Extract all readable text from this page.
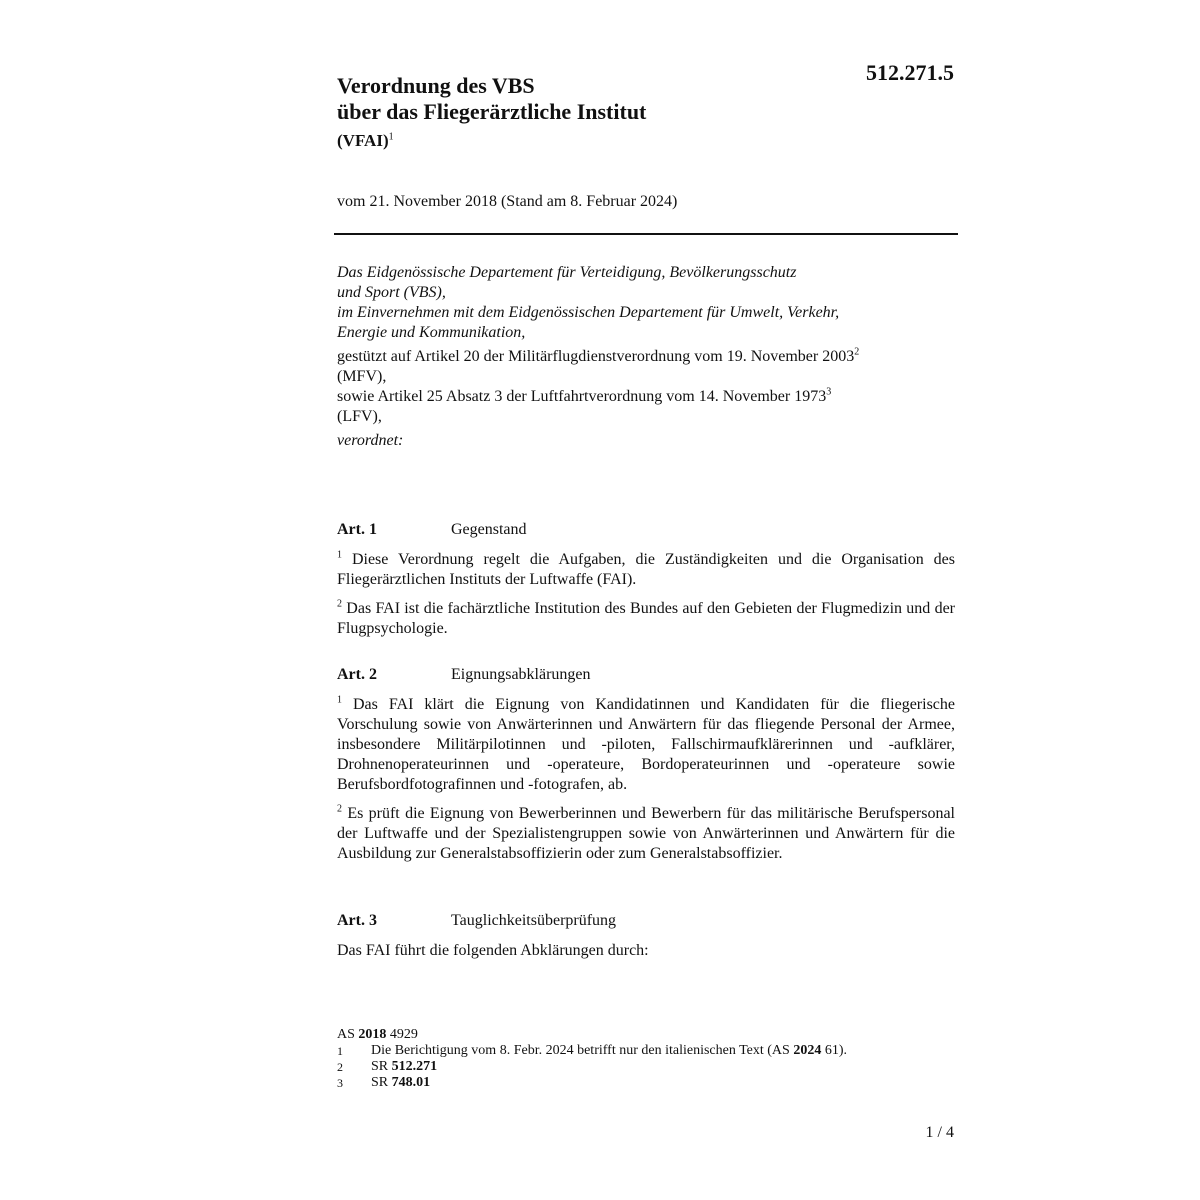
512.271.5
Verordnung des VBS
über das Fliegerärztliche Institut
(VFAI)$^1$
vom 21. November 2018 (Stand am 8. Februar 2024)
Das Eidgenössische Departement für Verteidigung, Bevölkerungsschutz
und Sport (VBS),
im Einvernehmen mit dem Eidgenössischen Departement für Umwelt, Verkehr,
Energie und Kommunikation,
gestützt auf Artikel 20 der Militärflugdienstverordnung vom 19. November 2003$^2$
(MFV),
sowie Artikel 25 Absatz 3 der Luftfahrtverordnung vom 14. November 1973$^3$
(LFV),
verordnet:
Art. 1	Gegenstand
$^1$ Diese Verordnung regelt die Aufgaben, die Zuständigkeiten und die Organisation des Fliegerärztlichen Instituts der Luftwaffe (FAI).
$^2$ Das FAI ist die fachärztliche Institution des Bundes auf den Gebieten der Flugmedizin und der Flugpsychologie.
Art. 2	Eignungsabklärungen
$^1$ Das FAI klärt die Eignung von Kandidatinnen und Kandidaten für die fliegerische Vorschulung sowie von Anwärterinnen und Anwärtern für das fliegende Personal der Armee, insbesondere Militärpilotinnen und -piloten, Fallschirmaufklärerinnen und -aufklärer, Drohnenoperateurinnen und -operateure, Bordoperateurinnen und -operateure sowie Berufsbordfotografinnen und -fotografen, ab.
$^2$ Es prüft die Eignung von Bewerberinnen und Bewerbern für das militärische Berufspersonal der Luftwaffe und der Spezialistengruppen sowie von Anwärterinnen und Anwärtern für die Ausbildung zur Generalstabsoffizierin oder zum Generalstabsoffizier.
Art. 3	Tauglichkeitsüberprüfung
Das FAI führt die folgenden Abklärungen durch:
AS 2018 4929
1	Die Berichtigung vom 8. Febr. 2024 betrifft nur den italienischen Text (AS 2024 61).
2	SR 512.271
3	SR 748.01
1 / 4
